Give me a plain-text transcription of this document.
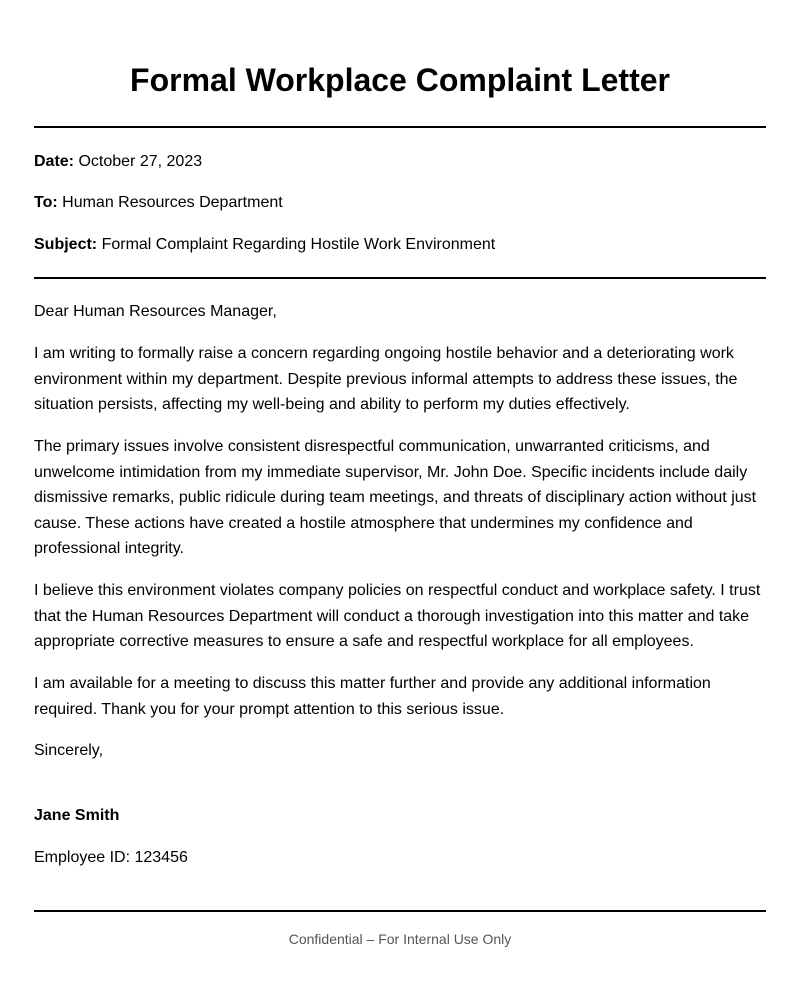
Formal Workplace Complaint Letter
Date: October 27, 2023
To: Human Resources Department
Subject: Formal Complaint Regarding Hostile Work Environment

Dear Human Resources Manager,

I am writing to formally raise a concern regarding ongoing hostile behavior and a deteriorating work environment within my department. Despite previous informal attempts to address these issues, the situation persists, affecting my well-being and ability to perform my duties effectively.

The primary issues involve consistent disrespectful communication, unwarranted criticisms, and unwelcome intimidation from my immediate supervisor, Mr. John Doe. Specific incidents include daily dismissive remarks, public ridicule during team meetings, and threats of disciplinary action without just cause. These actions have created a hostile atmosphere that undermines my confidence and professional integrity.

I believe this environment violates company policies on respectful conduct and workplace safety. I trust that the Human Resources Department will conduct a thorough investigation into this matter and take appropriate corrective measures to ensure a safe and respectful workplace for all employees.

I am available for a meeting to discuss this matter further and provide any additional information required. Thank you for your prompt attention to this serious issue.

Sincerely,

Jane Smith
Employee ID: 123456
Confidential – For Internal Use Only
